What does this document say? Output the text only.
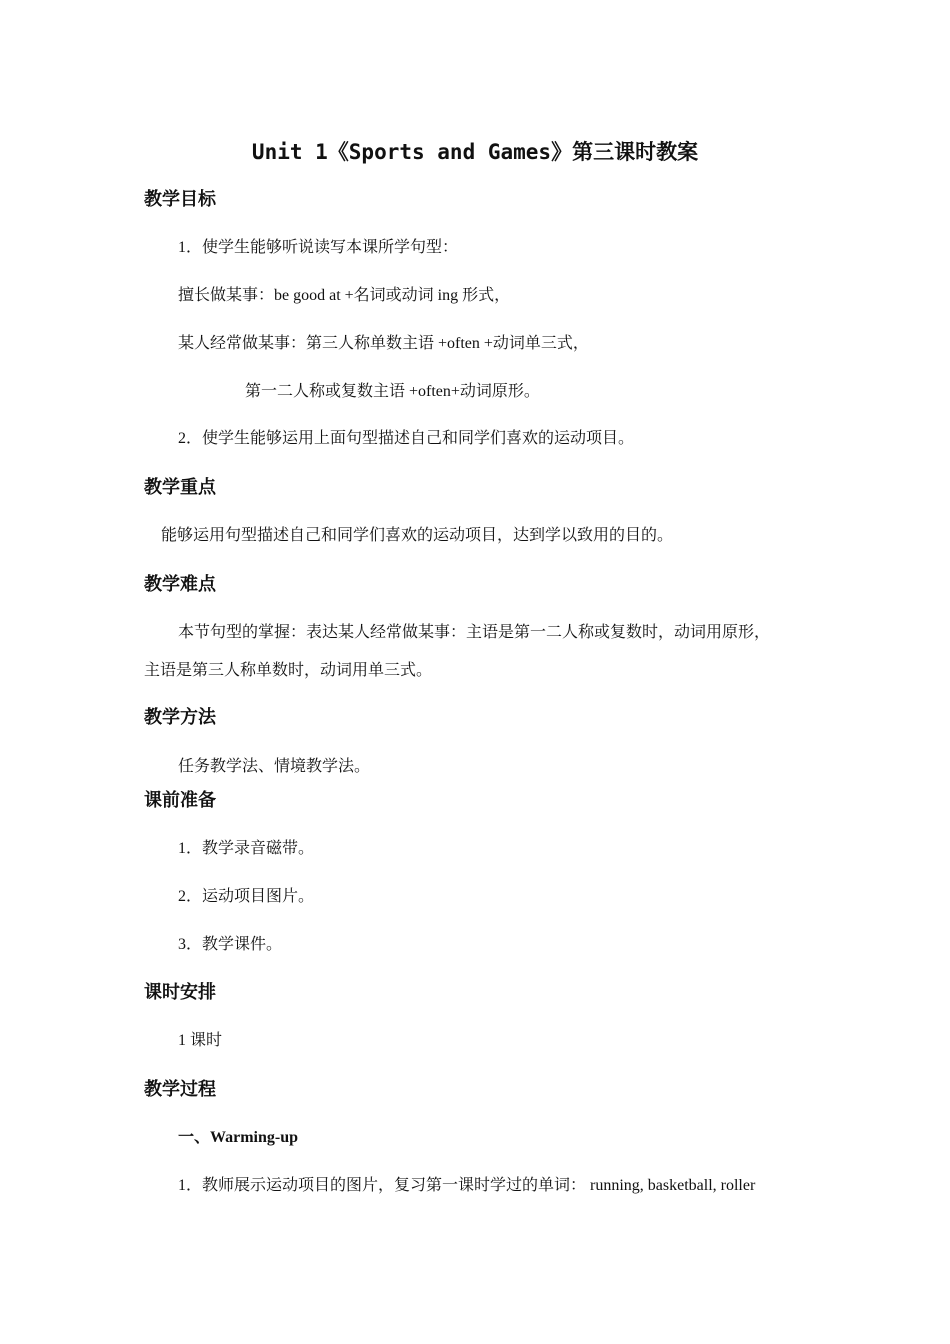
Unit 1《Sports and Games》第三课时教案
教学目标

1．使学生能够听说读写本课所学句型：

擅长做某事：be good at +名词或动词 ing 形式，

某人经常做某事：第三人称单数主语 +often +动词单三式，

第一二人称或复数主语 +often+动词原形。

2．使学生能够运用上面句型描述自己和同学们喜欢的运动项目。

教学重点

能够运用句型描述自己和同学们喜欢的运动项目，达到学以致用的目的。

教学难点

本节句型的掌握：表达某人经常做某事：主语是第一二人称或复数时，动词用原形，

主语是第三人称单数时，动词用单三式。

教学方法

任务教学法、情境教学法。

课前准备

1．教学录音磁带。

2．运动项目图片。

3．教学课件。

课时安排

1 课时

教学过程

一、Warming-up

1．教师展示运动项目的图片，复习第一课时学过的单词： running, basketball, roller
